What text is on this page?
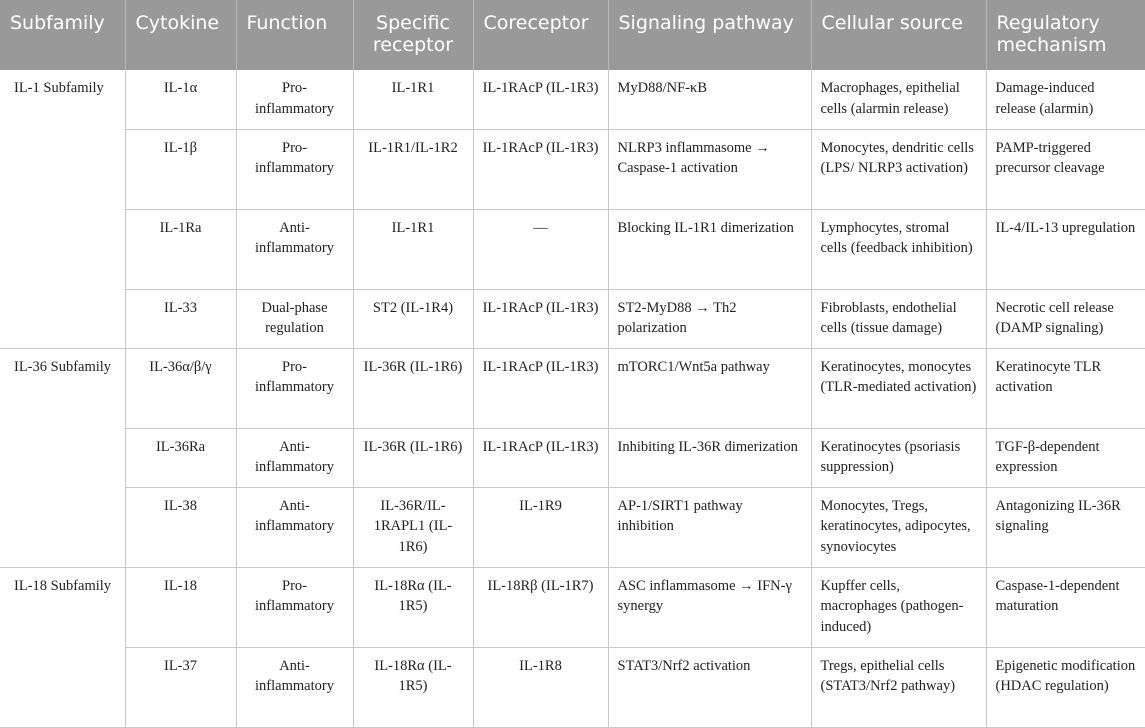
Subfamily	Cytokine	Function	Specific receptor	Coreceptor	Signaling pathway	Cellular source	Regulatory mechanism
IL-1 Subfamily	IL-1α	Pro-inflammatory	IL-1R1	IL-1RAcP (IL-1R3)	MyD88/NF-κB	Macrophages, epithelial cells (alarmin release)	Damage-induced release (alarmin)
	IL-1β	Pro-inflammatory	IL-1R1/IL-1R2	IL-1RAcP (IL-1R3)	NLRP3 inflammasome → Caspase-1 activation	Monocytes, dendritic cells (LPS/ NLRP3 activation)	PAMP-triggered precursor cleavage
	IL-1Ra	Anti-inflammatory	IL-1R1	—	Blocking IL-1R1 dimerization	Lymphocytes, stromal cells (feedback inhibition)	IL-4/IL-13 upregulation
	IL-33	Dual-phase regulation	ST2 (IL-1R4)	IL-1RAcP (IL-1R3)	ST2-MyD88 → Th2 polarization	Fibroblasts, endothelial cells (tissue damage)	Necrotic cell release (DAMP signaling)
IL-36 Subfamily	IL-36α/β/γ	Pro-inflammatory	IL-36R (IL-1R6)	IL-1RAcP (IL-1R3)	mTORC1/Wnt5a pathway	Keratinocytes, monocytes (TLR-mediated activation)	Keratinocyte TLR activation
	IL-36Ra	Anti-inflammatory	IL-36R (IL-1R6)	IL-1RAcP (IL-1R3)	Inhibiting IL-36R dimerization	Keratinocytes (psoriasis suppression)	TGF-β-dependent expression
	IL-38	Anti-inflammatory	IL-36R/IL-1RAPL1 (IL-1R6)	IL-1R9	AP-1/SIRT1 pathway inhibition	Monocytes, Tregs, keratinocytes, adipocytes, synoviocytes	Antagonizing IL-36R signaling
IL-18 Subfamily	IL-18	Pro-inflammatory	IL-18Rα (IL-1R5)	IL-18Rβ (IL-1R7)	ASC inflammasome → IFN-γ synergy	Kupffer cells, macrophages (pathogen-induced)	Caspase-1-dependent maturation
	IL-37	Anti-inflammatory	IL-18Rα (IL-1R5)	IL-1R8	STAT3/Nrf2 activation	Tregs, epithelial cells (STAT3/Nrf2 pathway)	Epigenetic modification (HDAC regulation)
